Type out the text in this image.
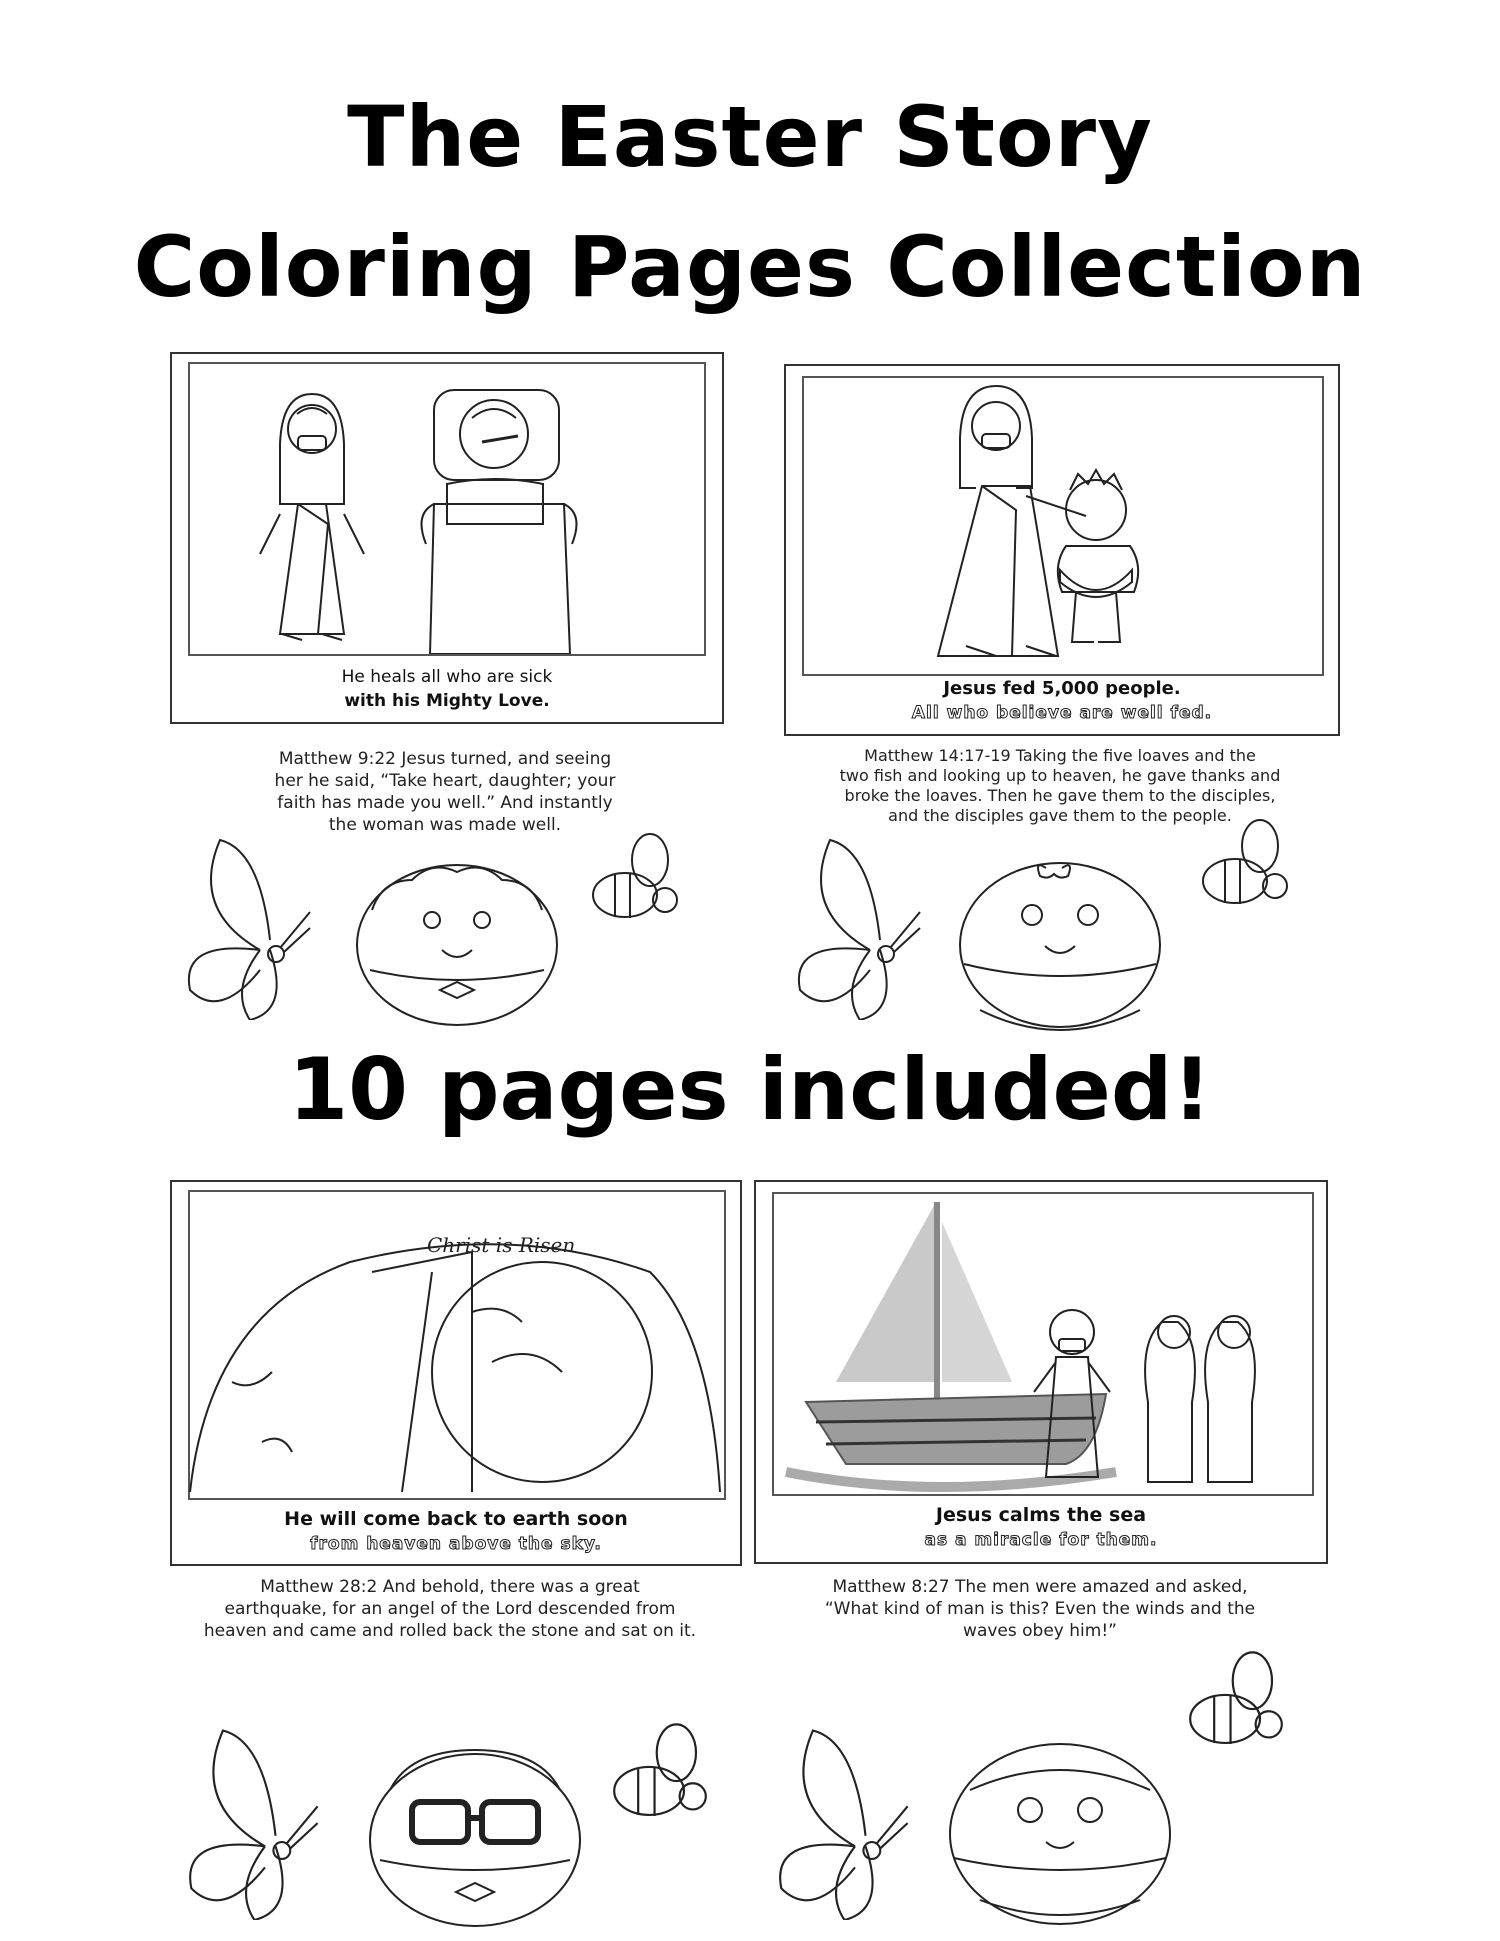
The Easter Story
Coloring Pages Collection
He heals all who are sick
with his Mighty Love.
Jesus fed 5,000 people.
All who believe are well fed.
Matthew 9:22 Jesus turned, and seeing
her he said, “Take heart, daughter; your
faith has made you well.” And instantly
the woman was made well.
Matthew 14:17-19 Taking the five loaves and the
two fish and looking up to heaven, he gave thanks and
broke the loaves. Then he gave them to the disciples,
and the disciples gave them to the people.
10 pages included!
Christ is Risen
He will come back to earth soon
from heaven above the sky.
Jesus calms the sea
as a miracle for them.
Matthew 28:2 And behold, there was a great
earthquake, for an angel of the Lord descended from
heaven and came and rolled back the stone and sat on it.
Matthew 8:27 The men were amazed and asked,
“What kind of man is this? Even the winds and the
waves obey him!”
